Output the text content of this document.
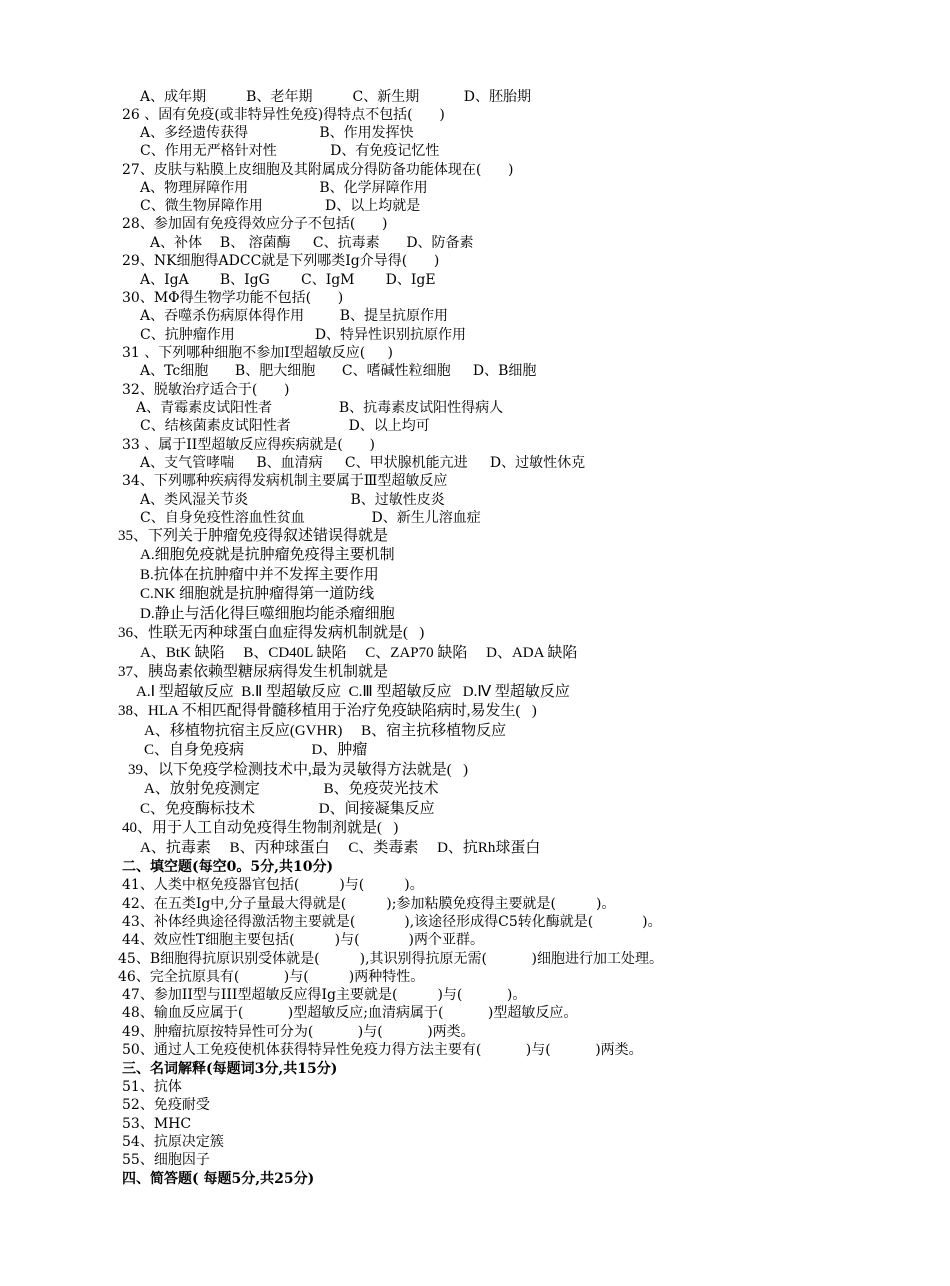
A、成年期         B、老年期         C、新生期          D、胚胎期
26 、固有免疫(或非特异性免疫)得特点不包括(      )
A、多经遗传获得                B、作用发挥快
C、作用无严格针对性            D、有免疫记忆性
27、皮肤与粘膜上皮细胞及其附属成分得防备功能体现在(      )
A、物理屏障作用                B、化学屏障作用
C、微生物屏障作用              D、以上均就是
28、参加固有免疫得效应分子不包括(      )
A、补体    B、 溶菌酶     C、抗毒素      D、防备素
29、NK细胞得ADCC就是下列哪类Ig介导得(      )
A、IgA       B、IgG       C、IgM       D、IgE
30、MΦ得生物学功能不包括(      )
A、吞噬杀伤病原体得作用        B、提呈抗原作用
C、抗肿瘤作用                  D、特异性识别抗原作用
31 、下列哪种细胞不参加I型超敏反应(     )
A、Tc细胞      B、肥大细胞      C、嗜碱性粒细胞     D、B细胞
32、脱敏治疗适合于(      )
A、青霉素皮试阳性者               B、抗毒素皮试阳性得病人
C、结核菌素皮试阳性者             D、以上均可
33 、属于II型超敏反应得疾病就是(      )
A、支气管哮喘     B、血清病     C、甲状腺机能亢进     D、过敏性休克
34、下列哪种疾病得发病机制主要属于Ⅲ型超敏反应
A、类风湿关节炎                       B、过敏性皮炎
C、自身免疫性溶血性贫血               D、新生儿溶血症
35、下列关于肿瘤免疫得叙述错误得就是
A.细胞免疫就是抗肿瘤免疫得主要机制
B.抗体在抗肿瘤中并不发挥主要作用
C.NK 细胞就是抗肿瘤得第一道防线
D.静止与活化得巨噬细胞均能杀瘤细胞
36、性联无丙种球蛋白血症得发病机制就是(   )
A、BtK 缺陷     B、CD40L 缺陷     C、ZAP70 缺陷     D、ADA 缺陷
37、胰岛素依赖型糖尿病得发生机制就是
A.Ⅰ 型超敏反应  B.Ⅱ 型超敏反应  C.Ⅲ 型超敏反应   D.Ⅳ 型超敏反应
38、HLA 不相匹配得骨髓移植用于治疗免疫缺陷病时,易发生(   )
A、移植物抗宿主反应(GVHR)     B、宿主抗移植物反应
C、自身免疫病                  D、肿瘤
39、以下免疫学检测技术中,最为灵敏得方法就是(   )
A、放射免疫测定                 B、免疫荧光技术
C、免疫酶标技术                 D、间接凝集反应
40、用于人工自动免疫得生物制剂就是(   )
A、抗毒素     B、丙种球蛋白     C、类毒素     D、抗Rh球蛋白
二、填空题(每空0。5分,共10分)
41、人类中枢免疫器官包括(         )与(         )。
42、在五类Ig中,分子量最大得就是(         );参加粘膜免疫得主要就是(         )。
43、补体经典途径得激活物主要就是(           ),该途径形成得C5转化酶就是(           )。
44、效应性T细胞主要包括(         )与(           )两个亚群。
45、B细胞得抗原识别受体就是(         ),其识别得抗原无需(          )细胞进行加工处理。
46、完全抗原具有(          )与(         )两种特性。
47、参加II型与III型超敏反应得Ig主要就是(         )与(          )。
48、输血反应属于(          )型超敏反应;血清病属于(          )型超敏反应。
49、肿瘤抗原按特异性可分为(          )与(          )两类。
50、通过人工免疫使机体获得特异性免疫力得方法主要有(          )与(          )两类。
三、名词解释(每题词3分,共15分)
51、抗体
52、免疫耐受
53、MHC
54、抗原决定簇
55、细胞因子
四、简答题( 每题5分,共25分)
